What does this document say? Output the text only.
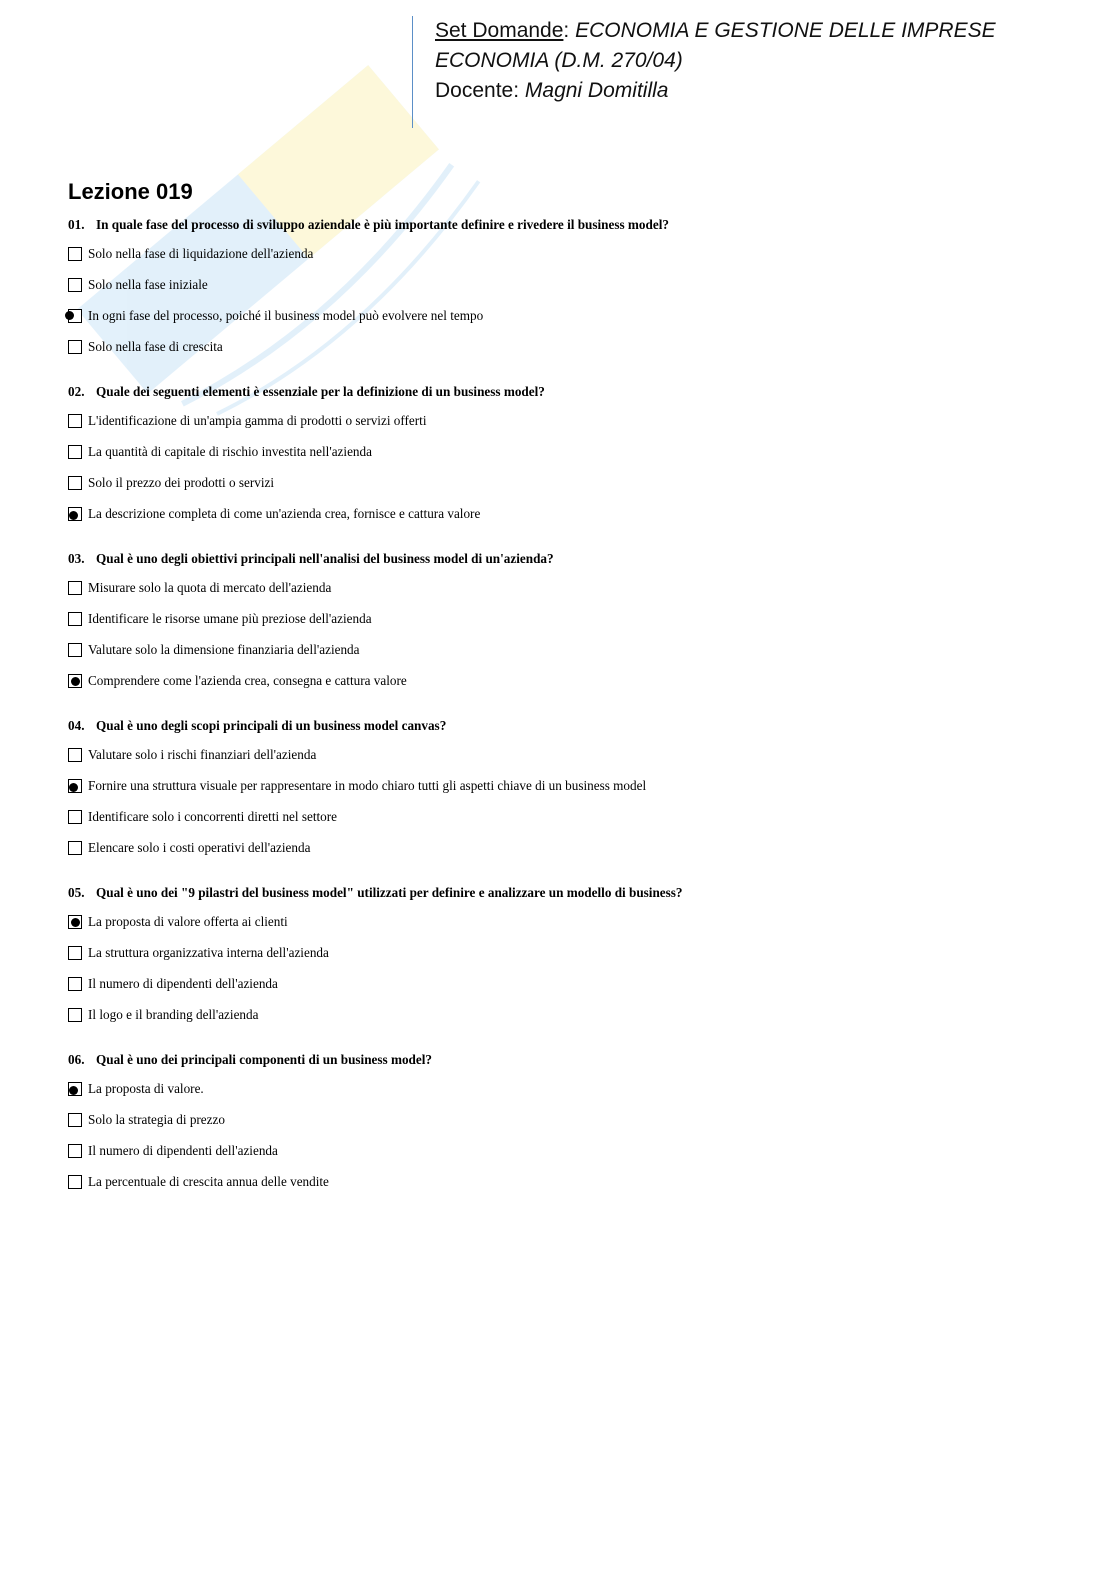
Set Domande: ECONOMIA E GESTIONE DELLE IMPRESE
ECONOMIA (D.M. 270/04)
Docente: Magni Domitilla
Lezione 019
01. In quale fase del processo di sviluppo aziendale è più importante definire e rivedere il business model?
Solo nella fase di liquidazione dell'azienda
Solo nella fase iniziale
In ogni fase del processo, poiché il business model può evolvere nel tempo
Solo nella fase di crescita
02. Quale dei seguenti elementi è essenziale per la definizione di un business model?
L'identificazione di un'ampia gamma di prodotti o servizi offerti
La quantità di capitale di rischio investita nell'azienda
Solo il prezzo dei prodotti o servizi
La descrizione completa di come un'azienda crea, fornisce e cattura valore
03. Qual è uno degli obiettivi principali nell'analisi del business model di un'azienda?
Misurare solo la quota di mercato dell'azienda
Identificare le risorse umane più preziose dell'azienda
Valutare solo la dimensione finanziaria dell'azienda
Comprendere come l'azienda crea, consegna e cattura valore
04. Qual è uno degli scopi principali di un business model canvas?
Valutare solo i rischi finanziari dell'azienda
Fornire una struttura visuale per rappresentare in modo chiaro tutti gli aspetti chiave di un business model
Identificare solo i concorrenti diretti nel settore
Elencare solo i costi operativi dell'azienda
05. Qual è uno dei "9 pilastri del business model" utilizzati per definire e analizzare un modello di business?
La proposta di valore offerta ai clienti
La struttura organizzativa interna dell'azienda
Il numero di dipendenti dell'azienda
Il logo e il branding dell'azienda
06. Qual è uno dei principali componenti di un business model?
La proposta di valore.
Solo la strategia di prezzo
Il numero di dipendenti dell'azienda
La percentuale di crescita annua delle vendite
